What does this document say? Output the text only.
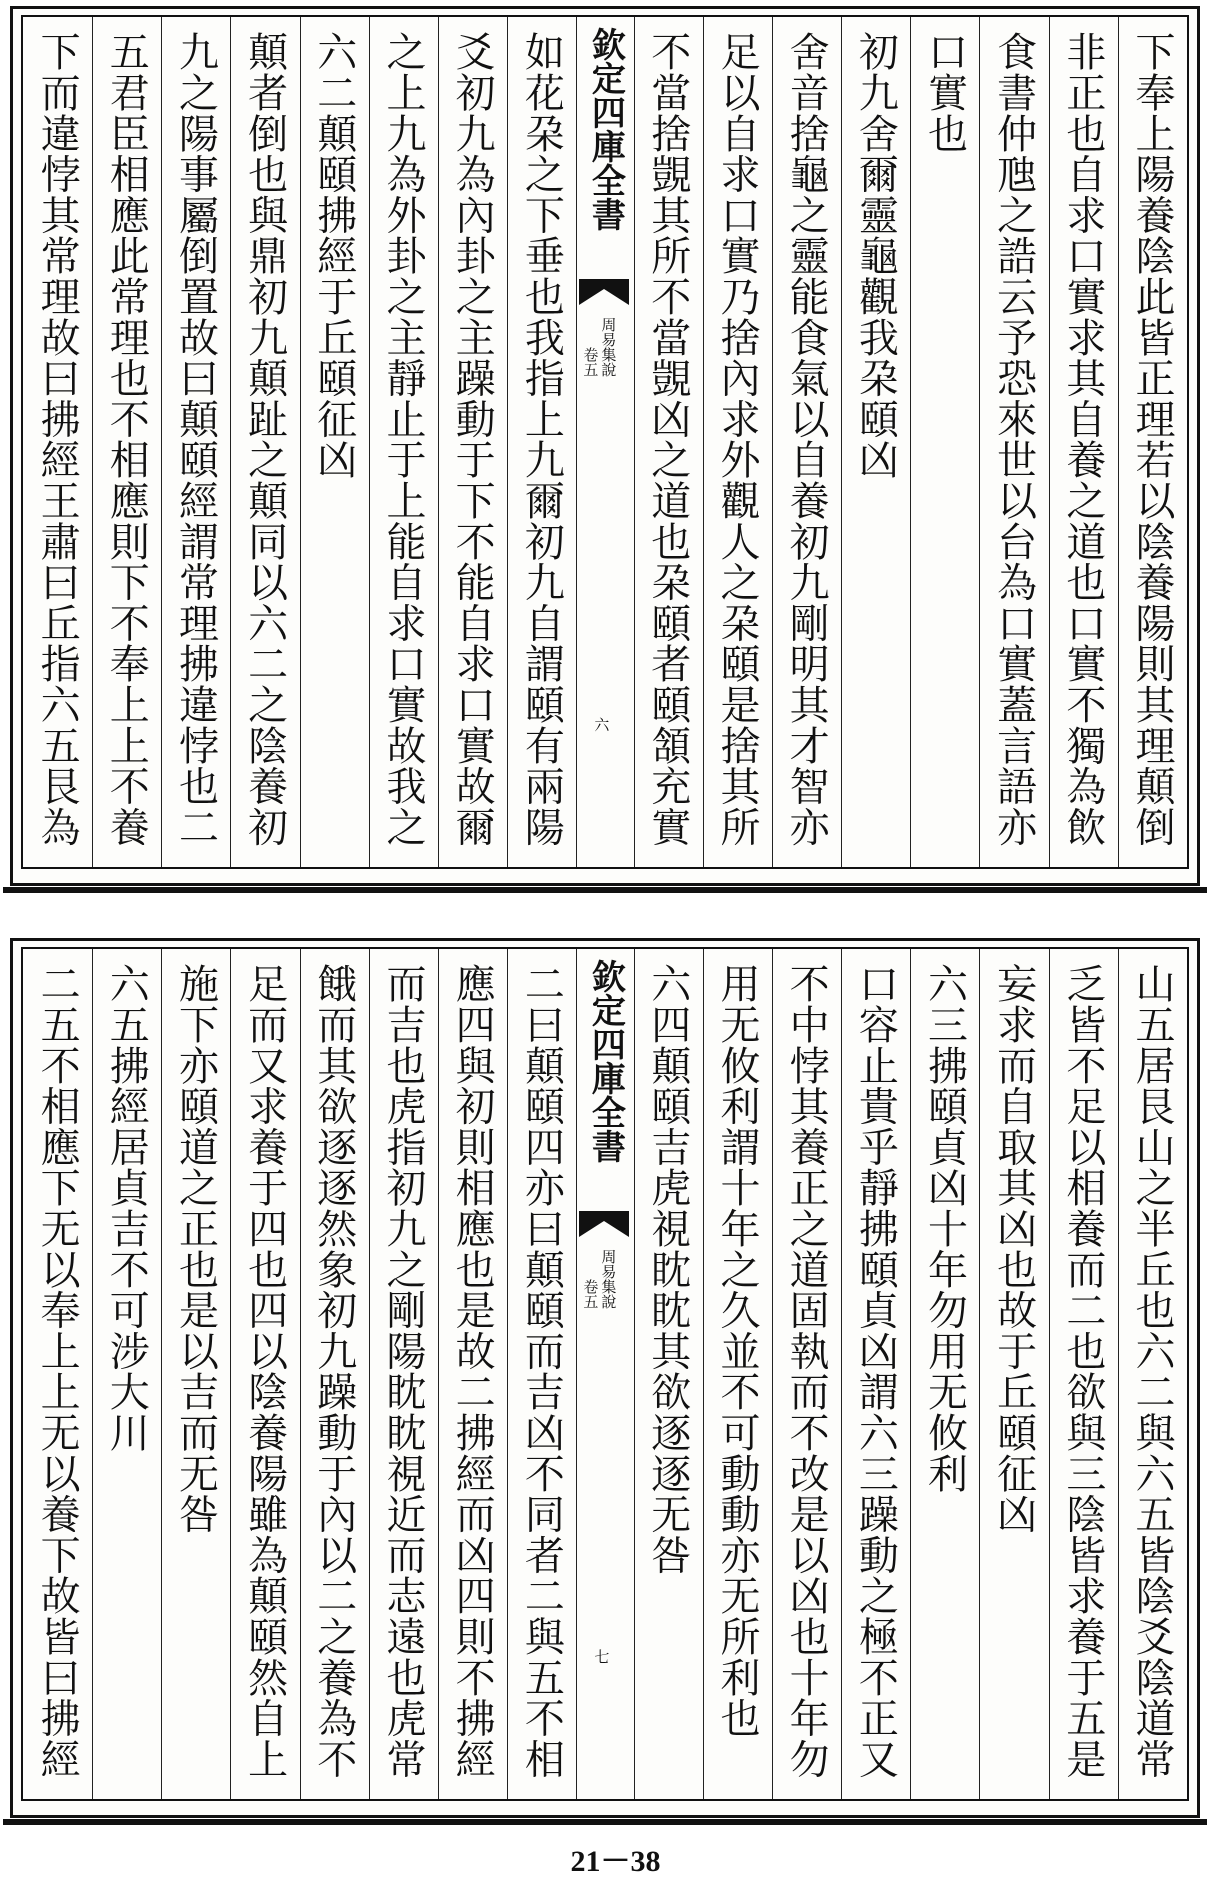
下奉上陽養陰此皆正理若以陰養陽則其理顛倒
非正也自求口實求其自養之道也口實不獨為飲
食書仲虺之誥云予恐來世以台為口實蓋言語亦
口實也
初九舍爾靈龜觀我朶頤凶
舍音捨龜之靈能食氣以自養初九剛明其才智亦
足以自求口實乃捨內求外觀人之朶頤是捨其所
不當捨覬其所不當覬凶之道也朶頤者頤頷充實
欽定四庫全書
周易集說
卷五
六
如花朶之下垂也我指上九爾初九自謂頤有兩陽
爻初九為內卦之主躁動于下不能自求口實故爾
之上九為外卦之主靜止于上能自求口實故我之
六二顛頤拂經于丘頤征凶
顛者倒也與鼎初九顛趾之顛同以六二之陰養初
九之陽事屬倒置故曰顛頤經謂常理拂違悖也二
五君臣相應此常理也不相應則下不奉上上不養
下而違悖其常理故曰拂經王肅曰丘指六五艮為
山五居艮山之半丘也六二與六五皆陰爻陰道常
乏皆不足以相養而二也欲與三陰皆求養于五是
妄求而自取其凶也故于丘頤征凶
六三拂頤貞凶十年勿用无攸利
口容止貴乎靜拂頤貞凶謂六三躁動之極不正又
不中悖其養正之道固執而不改是以凶也十年勿
用无攸利謂十年之久並不可動動亦无所利也
六四顛頤吉虎視眈眈其欲逐逐无咎
欽定四庫全書
周易集說
卷五
七
二曰顛頤四亦曰顛頤而吉凶不同者二與五不相
應四與初則相應也是故二拂經而凶四則不拂經
而吉也虎指初九之剛陽眈眈視近而志遠也虎常
餓而其欲逐逐然象初九躁動于內以二之養為不
足而又求養于四也四以陰養陽雖為顛頤然自上
施下亦頤道之正也是以吉而无咎
六五拂經居貞吉不可涉大川
二五不相應下无以奉上上无以養下故皆曰拂經
21－38
